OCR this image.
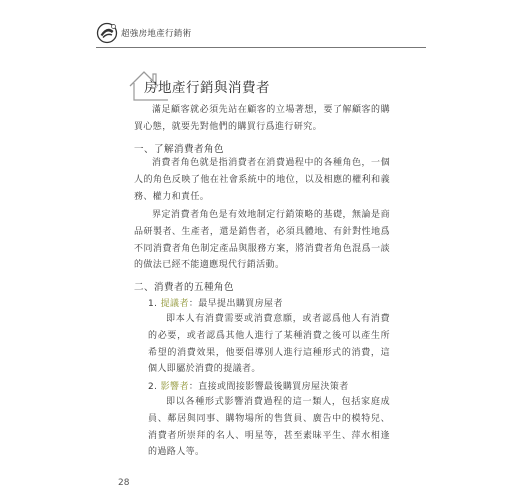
超強房地產行銷術
房地產行銷與消費者
滿足顧客就必須先站在顧客的立場著想，要了解顧客的購買心態，就要先對他們的購買行爲進行研究。
一、了解消費者角色
消費者角色就是指消費者在消費過程中的各種角色，一個人的角色反映了他在社會系統中的地位，以及相應的權利和義務、權力和責任。
界定消費者角色是有效地制定行銷策略的基礎，無論是商品研製者、生產者，還是銷售者，必須具體地、有針對性地爲不同消費者角色制定產品與服務方案，將消費者角色混爲一談的做法已經不能適應現代行銷活動。
二、消費者的五種角色
1. 提議者：最早提出購買房屋者
即本人有消費需要或消費意願，或者認爲他人有消費的必要，或者認爲其他人進行了某種消費之後可以產生所希望的消費效果，他要倡導別人進行這種形式的消費，這個人即屬於消費的提議者。
2. 影響者：直接或間接影響最後購買房屋決策者
即以各種形式影響消費過程的這一類人，包括家庭成員、鄰居與同事、購物場所的售貨員、廣告中的模特兒、消費者所崇拜的名人、明星等，甚至素昧平生、萍水相逢的過路人等。
28
